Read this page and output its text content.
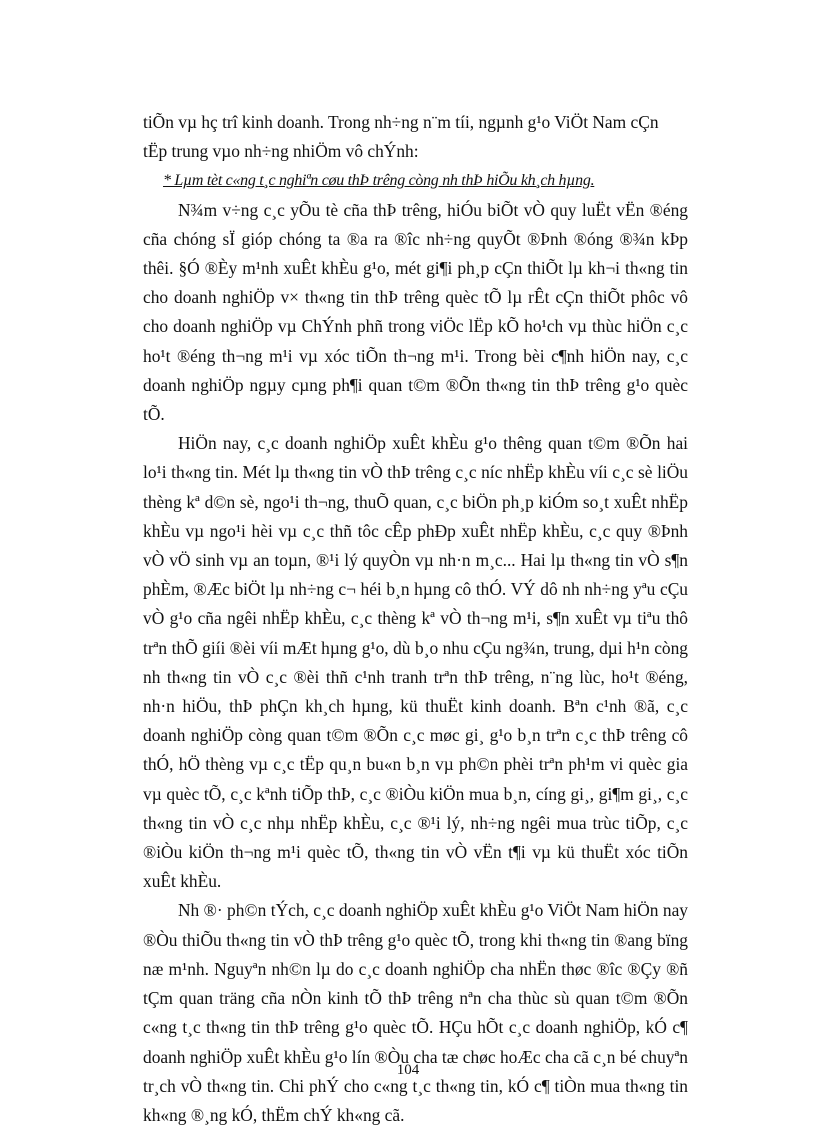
tiÕn vµ hç trî kinh doanh. Trong nh÷ng n¨m tíi, ngµnh g¹o ViÖt Nam cÇn

tËp trung vµo nh÷ng nhiÖm vô chÝnh:

* Lµm tèt c«ng t¸c nghiªn cøu thÞ trêng còng nh thÞ hiÕu kh¸ch hµng.

N¾m v÷ng c¸c yÕu tè cña thÞ trêng, hiÓu biÕt vÒ quy luËt vËn ®éng cña chóng sÏ gióp chóng ta ®a ra ®îc nh÷ng quyÕt ®Þnh ®óng ®¾n kÞp thêi. §Ó ®Èy m¹nh xuÊt khÈu g¹o, mét gi¶i ph¸p cÇn thiÕt lµ kh¬i th«ng tin cho doanh nghiÖp v× th«ng tin thÞ trêng quèc tÕ lµ rÊt cÇn thiÕt phôc vô cho doanh nghiÖp vµ ChÝnh phñ trong viÖc lËp kÕ ho¹ch vµ thùc hiÖn c¸c ho¹t ®éng th¬ng m¹i vµ xóc tiÕn th¬ng m¹i. Trong bèi c¶nh hiÖn nay, c¸c doanh nghiÖp ngµy cµng ph¶i quan t©m ®Õn th«ng tin thÞ trêng g¹o quèc tÕ.

HiÖn nay, c¸c doanh nghiÖp xuÊt khÈu g¹o thêng quan t©m ®Õn hai lo¹i th«ng tin. Mét lµ th«ng tin vÒ thÞ trêng c¸c níc nhËp khÈu víi c¸c sè liÖu thèng kª d©n sè, ngo¹i th¬ng, thuÕ quan, c¸c biÖn ph¸p kiÓm so¸t xuÊt nhËp khÈu vµ ngo¹i hèi vµ c¸c thñ tôc cÊp phÐp xuÊt nhËp khÈu, c¸c quy ®Þnh vÒ vÖ sinh vµ an toµn, ®¹i lý quyÒn vµ nh·n m¸c... Hai lµ th«ng tin vÒ s¶n phÈm, ®Æc biÖt lµ nh÷ng c¬ héi b¸n hµng cô thÓ. VÝ dô nh nh÷ng yªu cÇu vÒ g¹o cña ngêi nhËp khÈu, c¸c thèng kª vÒ th¬ng m¹i, s¶n xuÊt vµ tiªu thô trªn thÕ giíi ®èi víi mÆt hµng g¹o, dù b¸o nhu cÇu ng¾n, trung, dµi h¹n còng nh th«ng tin vÒ c¸c ®èi thñ c¹nh tranh trªn thÞ trêng, n¨ng lùc, ho¹t ®éng, nh·n hiÖu, thÞ phÇn kh¸ch hµng, kü thuËt kinh doanh. Bªn c¹nh ®ã, c¸c doanh nghiÖp còng quan t©m ®Õn c¸c møc gi¸ g¹o b¸n trªn c¸c thÞ trêng cô thÓ, hÖ thèng vµ c¸c tËp qu¸n bu«n b¸n vµ ph©n phèi trªn ph¹m vi quèc gia vµ quèc tÕ, c¸c kªnh tiÕp thÞ, c¸c ®iÒu kiÖn mua b¸n, cíng gi¸, gi¶m gi¸, c¸c th«ng tin vÒ c¸c nhµ nhËp khÈu, c¸c ®¹i lý, nh÷ng ngêi mua trùc tiÕp, c¸c ®iÒu kiÖn th¬ng m¹i quèc tÕ, th«ng tin vÒ vËn t¶i vµ kü thuËt xóc tiÕn xuÊt khÈu.

Nh ®· ph©n tÝch, c¸c doanh nghiÖp xuÊt khÈu g¹o ViÖt Nam hiÖn nay ®Òu thiÕu th«ng tin vÒ thÞ trêng g¹o quèc tÕ, trong khi th«ng tin ®ang bïng næ m¹nh. Nguyªn nh©n lµ do c¸c doanh nghiÖp cha nhËn thøc ®îc ®Çy ®ñ tÇm quan träng cña nÒn kinh tÕ thÞ trêng nªn cha thùc sù quan t©m ®Õn c«ng t¸c th«ng tin thÞ trêng g¹o quèc tÕ. HÇu hÕt c¸c doanh nghiÖp, kÓ c¶ doanh nghiÖp xuÊt khÈu g¹o lín ®Òu cha tæ chøc hoÆc cha cã c¸n bé chuyªn tr¸ch vÒ th«ng tin. Chi phÝ cho c«ng t¸c th«ng tin, kÓ c¶ tiÒn mua th«ng tin kh«ng ®¸ng kÓ, thËm chÝ kh«ng cã.

104
